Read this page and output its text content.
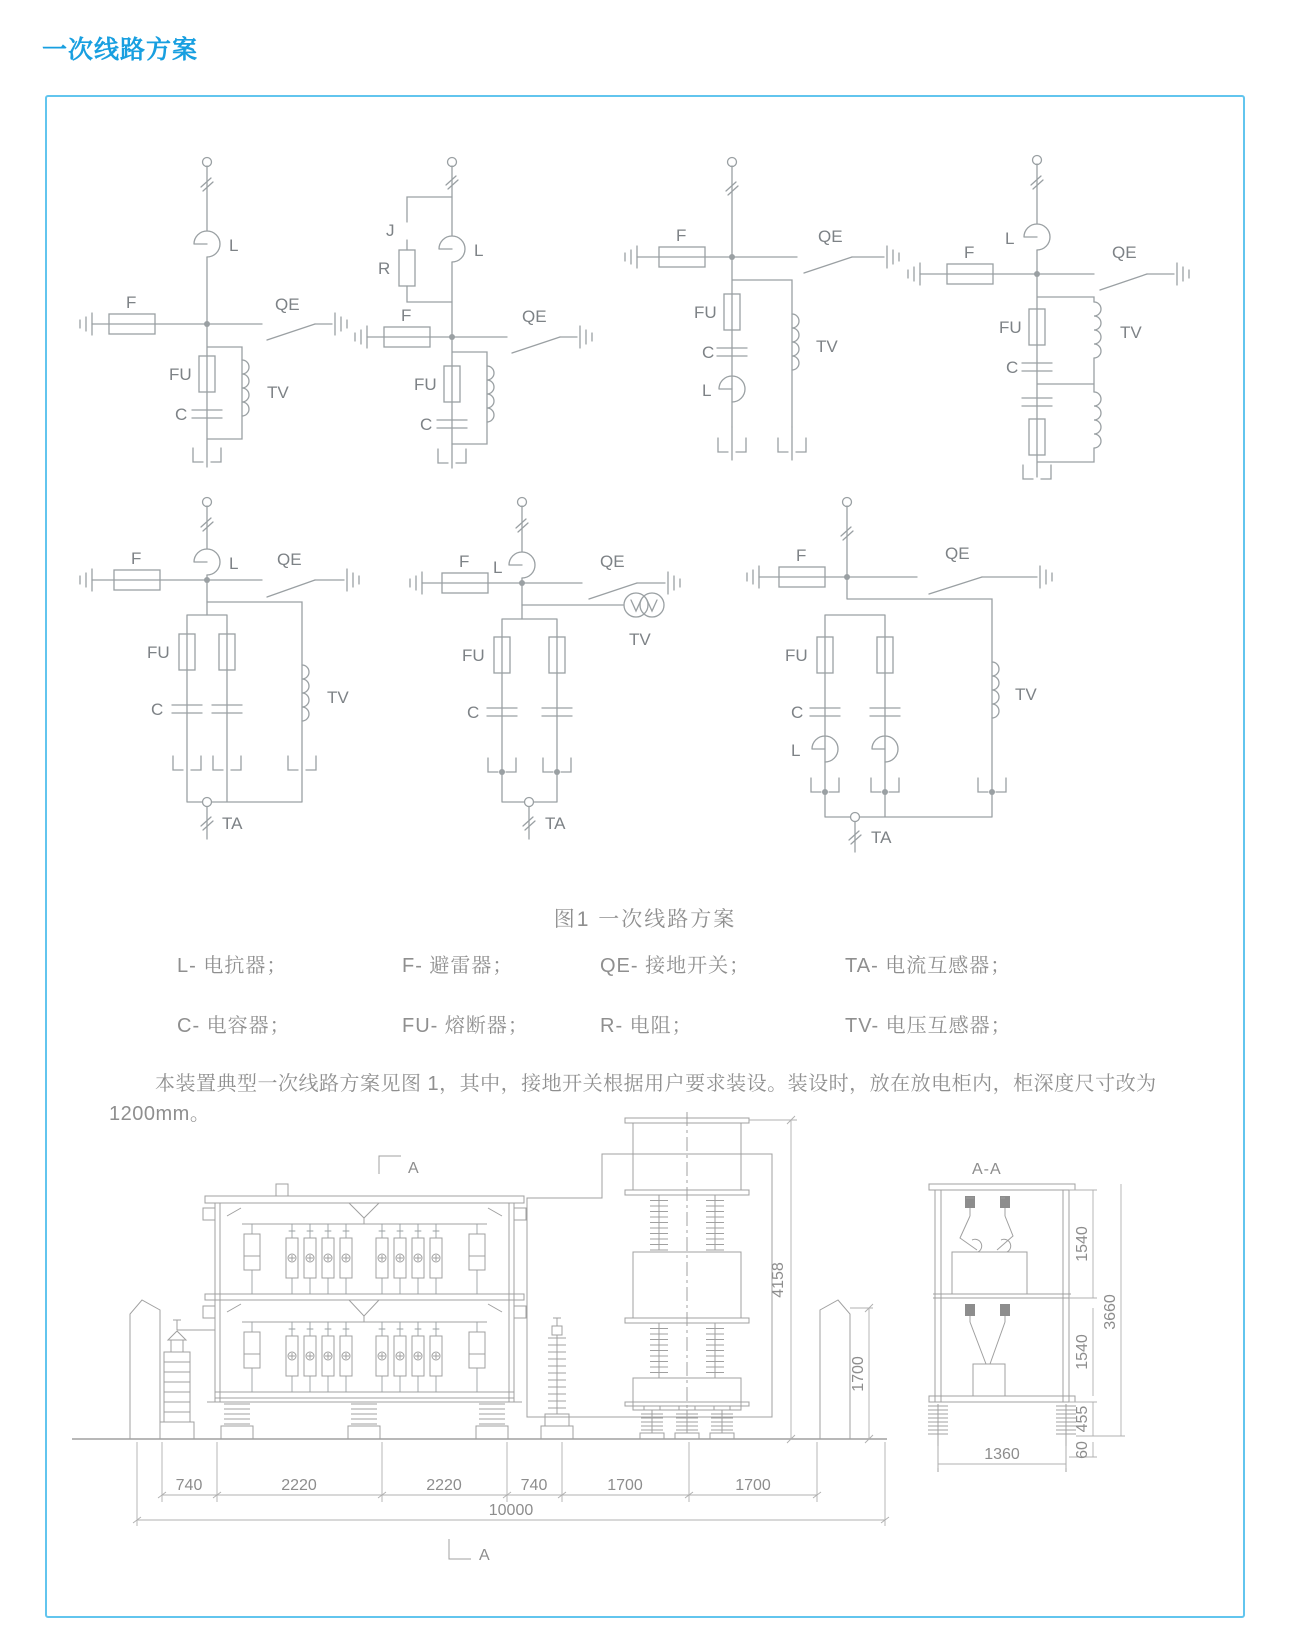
一次线路方案
L
F	QE
FU
C
TV
J
R
L
F	QE
FU
C
F	QE
FU
C
L
TV
L
F	QE
FU
C
TV
L
F	QE
FU
C
TV
TA
L
F	QE
TV
FU
C
TA
F	QE
FU
C
L
TV
TA
图1 一次线路方案
L- 电抗器；	F- 避雷器；	QE- 接地开关；	TA- 电流互感器；
C- 电容器；	FU- 熔断器；	R- 电阻；	TV- 电压互感器；
本装置典型一次线路方案见图 1，其中，接地开关根据用户要求装设。装设时，放在放电柜内，柜深度尺寸改为 1200mm。
A
4158
1700
740	2220	2220	740	1700	1700
10000
A
A-A
1540
1540
455
60
3660
1360
